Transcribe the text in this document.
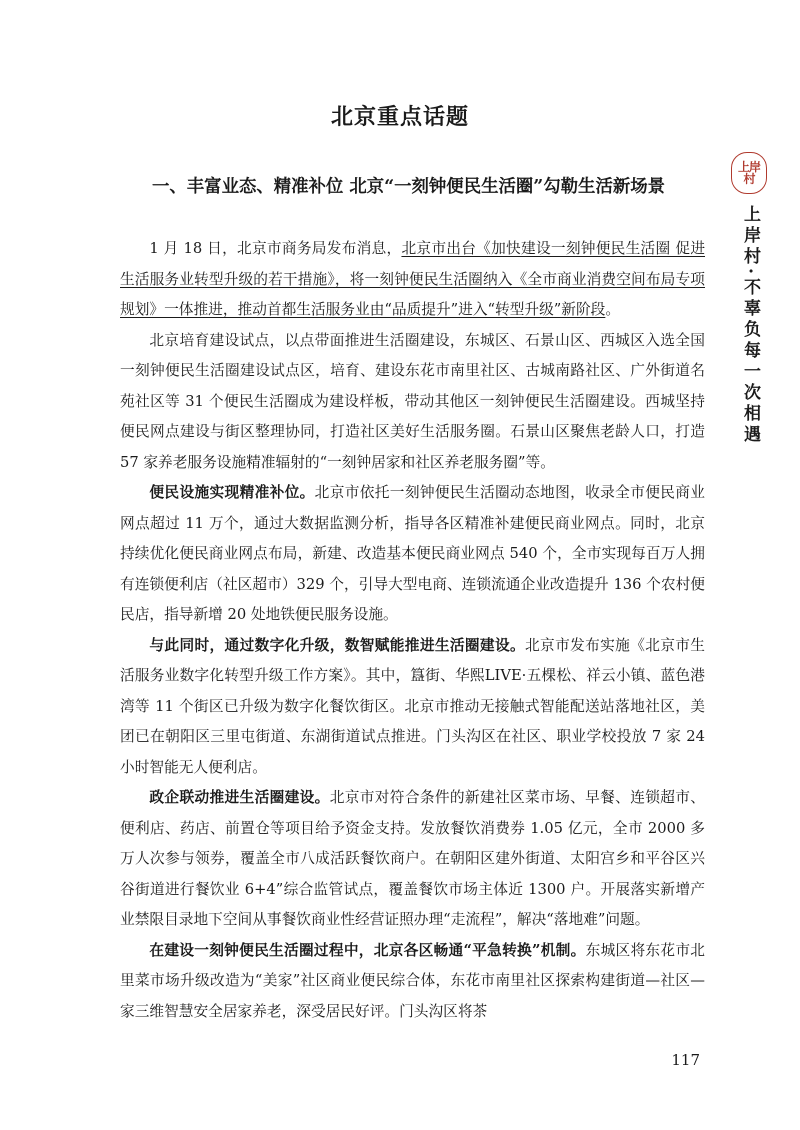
北京重点话题
上岸村
上岸村·不辜负每一次相遇
一、丰富业态、精准补位 北京“一刻钟便民生活圈”勾勒生活新场景

1 月 18 日，北京市商务局发布消息，北京市出台《加快建设一刻钟便民生活圈 促进生活服务业转型升级的若干措施》，将一刻钟便民生活圈纳入《全市商业消费空间布局专项规划》一体推进，推动首都生活服务业由“品质提升”进入“转型升级”新阶段。

北京培育建设试点，以点带面推进生活圈建设，东城区、石景山区、西城区入选全国一刻钟便民生活圈建设试点区，培育、建设东花市南里社区、古城南路社区、广外街道名苑社区等 31 个便民生活圈成为建设样板，带动其他区一刻钟便民生活圈建设。西城坚持便民网点建设与街区整理协同，打造社区美好生活服务圈。石景山区聚焦老龄人口，打造 57 家养老服务设施精准辐射的“一刻钟居家和社区养老服务圈”等。

便民设施实现精准补位。北京市依托一刻钟便民生活圈动态地图，收录全市便民商业网点超过 11 万个，通过大数据监测分析，指导各区精准补建便民商业网点。同时，北京持续优化便民商业网点布局，新建、改造基本便民商业网点 540 个，全市实现每百万人拥有连锁便利店（社区超市）329 个，引导大型电商、连锁流通企业改造提升 136 个农村便民店，指导新增 20 处地铁便民服务设施。

与此同时，通过数字化升级，数智赋能推进生活圈建设。北京市发布实施《北京市生活服务业数字化转型升级工作方案》。其中，簋街、华熙LIVE·五棵松、祥云小镇、蓝色港湾等 11 个街区已升级为数字化餐饮街区。北京市推动无接触式智能配送站落地社区，美团已在朝阳区三里屯街道、东湖街道试点推进。门头沟区在社区、职业学校投放 7 家 24 小时智能无人便利店。

政企联动推进生活圈建设。北京市对符合条件的新建社区菜市场、早餐、连锁超市、便利店、药店、前置仓等项目给予资金支持。发放餐饮消费券 1.05 亿元，全市 2000 多万人次参与领券，覆盖全市八成活跃餐饮商户。在朝阳区建外街道、太阳宫乡和平谷区兴谷街道进行餐饮业 6+4”综合监管试点，覆盖餐饮市场主体近 1300 户。开展落实新增产业禁限目录地下空间从事餐饮商业性经营证照办理“走流程”，解决“落地难”问题。

在建设一刻钟便民生活圈过程中，北京各区畅通“平急转换”机制。东城区将东花市北里菜市场升级改造为“美家”社区商业便民综合体，东花市南里社区探索构建街道—社区—家三维智慧安全居家养老，深受居民好评。门头沟区将茶

117
